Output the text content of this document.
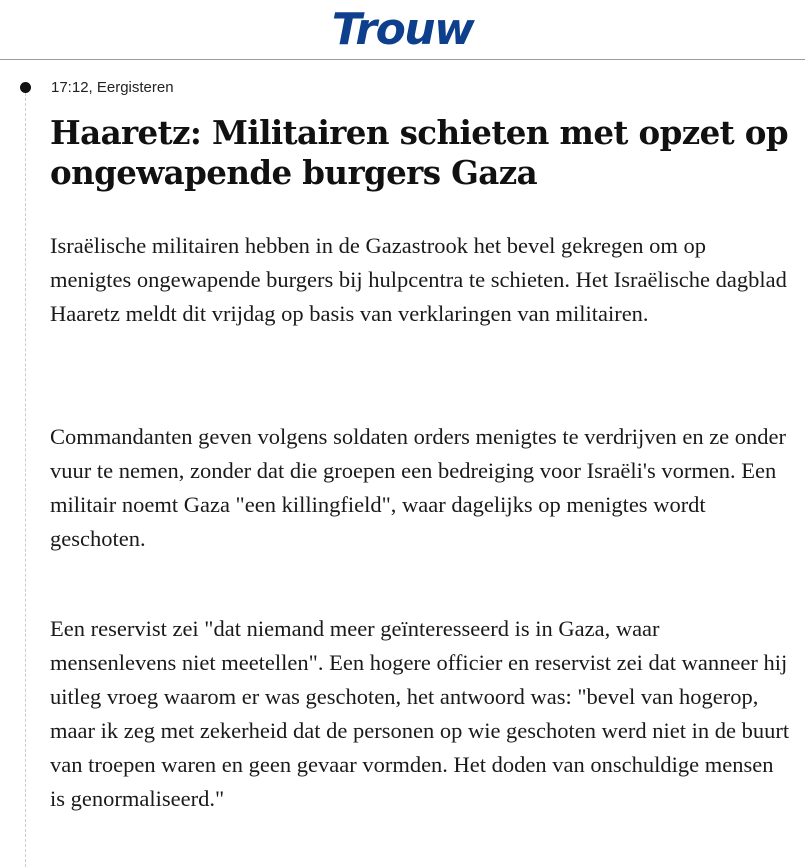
Trouw
17:12, Eergisteren
Haaretz: Militairen schieten met opzet op ongewapende burgers Gaza

Israëlische militairen hebben in de Gazastrook het bevel gekregen om op menigtes ongewapende burgers bij hulpcentra te schieten. Het Israëlische dagblad Haaretz meldt dit vrijdag op basis van verklaringen van militairen.

Commandanten geven volgens soldaten orders menigtes te verdrijven en ze onder vuur te nemen, zonder dat die groepen een bedreiging voor Israëli's vormen. Een militair noemt Gaza "een killingfield", waar dagelijks op menigtes wordt geschoten.

Een reservist zei "dat niemand meer geïnteresseerd is in Gaza, waar mensenlevens niet meetellen". Een hogere officier en reservist zei dat wanneer hij uitleg vroeg waarom er was geschoten, het antwoord was: "bevel van hogerop, maar ik zeg met zekerheid dat de personen op wie geschoten werd niet in de buurt van troepen waren en geen gevaar vormden. Het doden van onschuldige mensen is genormaliseerd."
